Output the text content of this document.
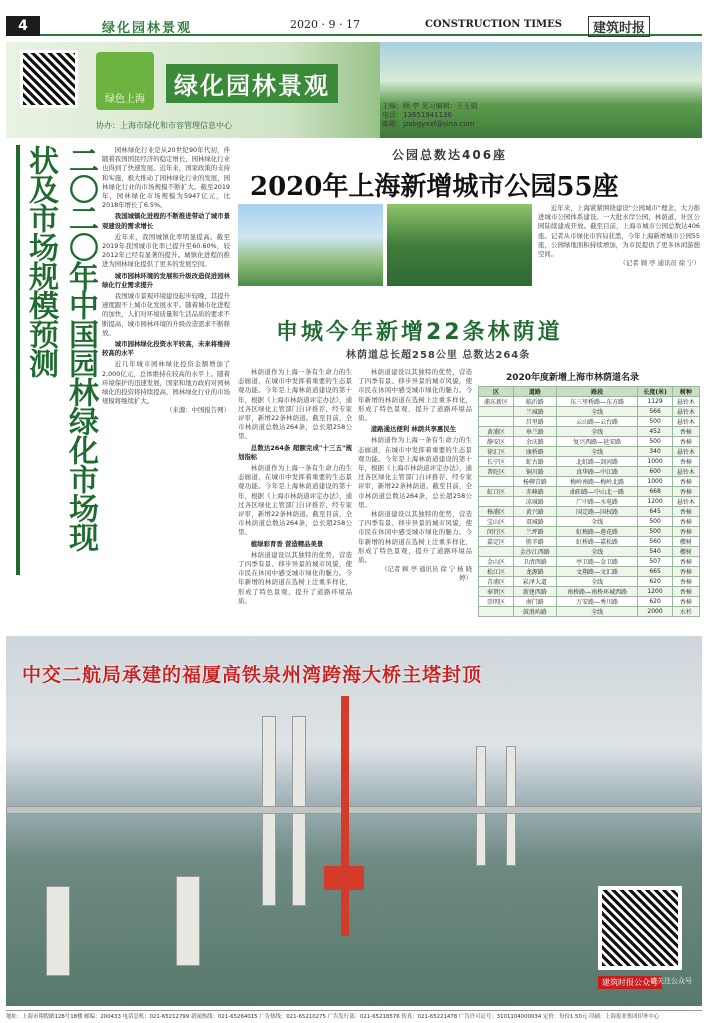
4	绿化园林景观	2020 · 9 · 17	CONSTRUCTION TIMES	建筑时报
绿色上海	绿化园林景观
协办：上海市绿化和市容管理信息中心
主编：顾 亭 见习编辑：王玉娟
电话：13651941136
邮箱：jzsbgyxxf@sina.com
二〇二〇年中国园林绿化市场现状及市场规模预测	园林绿化行业是从20世纪90年代初，伴随着我国国民经济的稳定增长，园林绿化行业也得到了快速发展。近年来，国家政策的支持和实施，极大推动了园林绿化行业的发展，园林绿化行业的市场规模不断扩大。截至2019年，园林绿化市场规模为5947亿元，比2018年增长了6.5%。

我国城镇化进程的不断推进带动了城市景观建设的需求增长

近年来，我国城镇化率明显提高。截至2019年我国城市化率已提升至60.60%，较2012年已经有显著的提升。城镇化进程的推进为园林绿化提供了更多的发展空间。

城市园林环境的发展和升级改造促进园林绿化行业需求提升

我国城市景观环境建设起步较晚，其提升速度跟不上城市化发展水平。随着城市化进程的加快，人们对环境质量和生活品质的要求不断提高，城市园林环境的升级改造需求不断释放。

城市园林绿化投资水平较高，未来将维持较高的水平

近几年城市园林绿化投资金额增加了2,000亿元，总体维持在较高的水平上。随着环境保护的迅速发展，国家和地方政府对园林绿化的投资将持续提高，园林绿化行业的市场规模将继续扩大。

（来源：中国报告网）

公园总数达406座
2020年上海新增城市公园55座

近年来，上海紧紧围绕建设"公园城市"理念，大力推进城市公园体系建设。一大批水岸公园、林荫道、社区公园陆续建成开放。截至目前，上海市城市公园总数达406座。记者从市绿化市容局获悉，今年上海新增城市公园55座，公园绿地面积持续增加，为市民提供了更多休闲游憩空间。

（记者 顾 亭 通讯员 徐 宁）

申城今年新增22条林荫道
林荫道总长超258公里 总数达264条

林荫道作为上海一条有生命力的生态廊道，在城市中发挥着重要的生态景观功能。今年是上海林荫道建设的第十年，根据《上海市林荫道评定办法》，通过各区绿化主管部门自评推荐、经专家评审，新增22条林荫道。截至目前，全市林荫道总数达264条，总长超258公里。

总数达264条 超额完成"十三五"规划指标

林荫道作为上海一条有生命力的生态廊道，在城市中发挥着重要的生态景观功能。今年是上海林荫道建设的第十年，根据《上海市林荫道评定办法》，通过各区绿化主管部门自评推荐、经专家评审，新增22条林荫道。截至目前，全市林荫道总数达264条，总长超258公里。

植绿彩育香 营造精品美景

林荫道建设以其独特的优势，营造了四季有景、移步异景的城市风貌，使市民在休闲中感受城市绿化的魅力。今年新增的林荫道在选树上注重多样化，形成了特色景观，提升了道路环境品质。

林荫道建设以其独特的优势，营造了四季有景、移步异景的城市风貌，使市民在休闲中感受城市绿化的魅力。今年新增的林荫道在选树上注重多样化，形成了特色景观，提升了道路环境品质。

道路通达便利 林荫共享惠民生

林荫道作为上海一条有生命力的生态廊道，在城市中发挥着重要的生态景观功能。今年是上海林荫道建设的第十年，根据《上海市林荫道评定办法》，通过各区绿化主管部门自评推荐、经专家评审，新增22条林荫道。截至目前，全市林荫道总数达264条，总长超258公里。

林荫道建设以其独特的优势，营造了四季有景、移步异景的城市风貌，使市民在休闲中感受城市绿化的魅力。今年新增的林荫道在选树上注重多样化，形成了特色景观，提升了道路环境品质。

（记者 顾 亭 通讯员 徐 宁 杨 晓 婷）

2020年度新增上海市林荫道名录
区	道路	路段	长度(米)	树种
浦东新区	临沂路	东三里桥路—东方路	1129	悬铃木
	兰城路	全线	566	悬铃木
	昌里路	云山路—云台路	500	悬铃木
黄浦区	皋兰路	全线	452	香樟
静安区	余庆路	复兴西路—延安路	500	香樟
徐汇区	康桥路	全线	340	悬铃木
长宁区	虹古路	北虹路—剑河路	1000	香樟
普陀区	铜川路	真华路—中江路	600	悬铃木
	杨柳青路	梅岭南路—梅岭北路	1000	香樟
虹口区	赤峰路	曲阳路—中山北一路	668	香樟
	凉城路	广中路—水电路	1200	悬铃木
杨浦区	黄兴路	国定路—国权路	645	香樟
宝山区	双城路	全线	500	香樟
闵行区	兰坪路	虹梅路—莲花路	500	香樟
嘉定区	胜辛路	虹桥路—嘉松路	560	樱树
	金沙江西路	全线	540	樱树
金山区	卫清西路	亭卫路—金卫路	507	香樟
松江区	龙源路	文翔路—文汇路	665	香樟
青浦区	崧泽大道	全线	620	香樟
奉贤区	新建西路	南桥路—南桥环城西路	1200	香樟
崇明区	南门路	万安路—秀川路	620	香樟
	鼓浪屿路	全线	2000	水杉
中交二航局承建的福厦高铁泉州湾跨海大桥主塔封顶
建筑时报公众号
请关注公众号
地址：上海市翔殷路128号18楼 邮编：200433 电话总机：021-65212799 新闻热线：021-65264015 广告热线：021-65210275 广告发行部：021-65218576 传真：021-65221478 广告许可证号：3101104000034 定价：每份1.50元 印刷：上海报业集团印务中心
